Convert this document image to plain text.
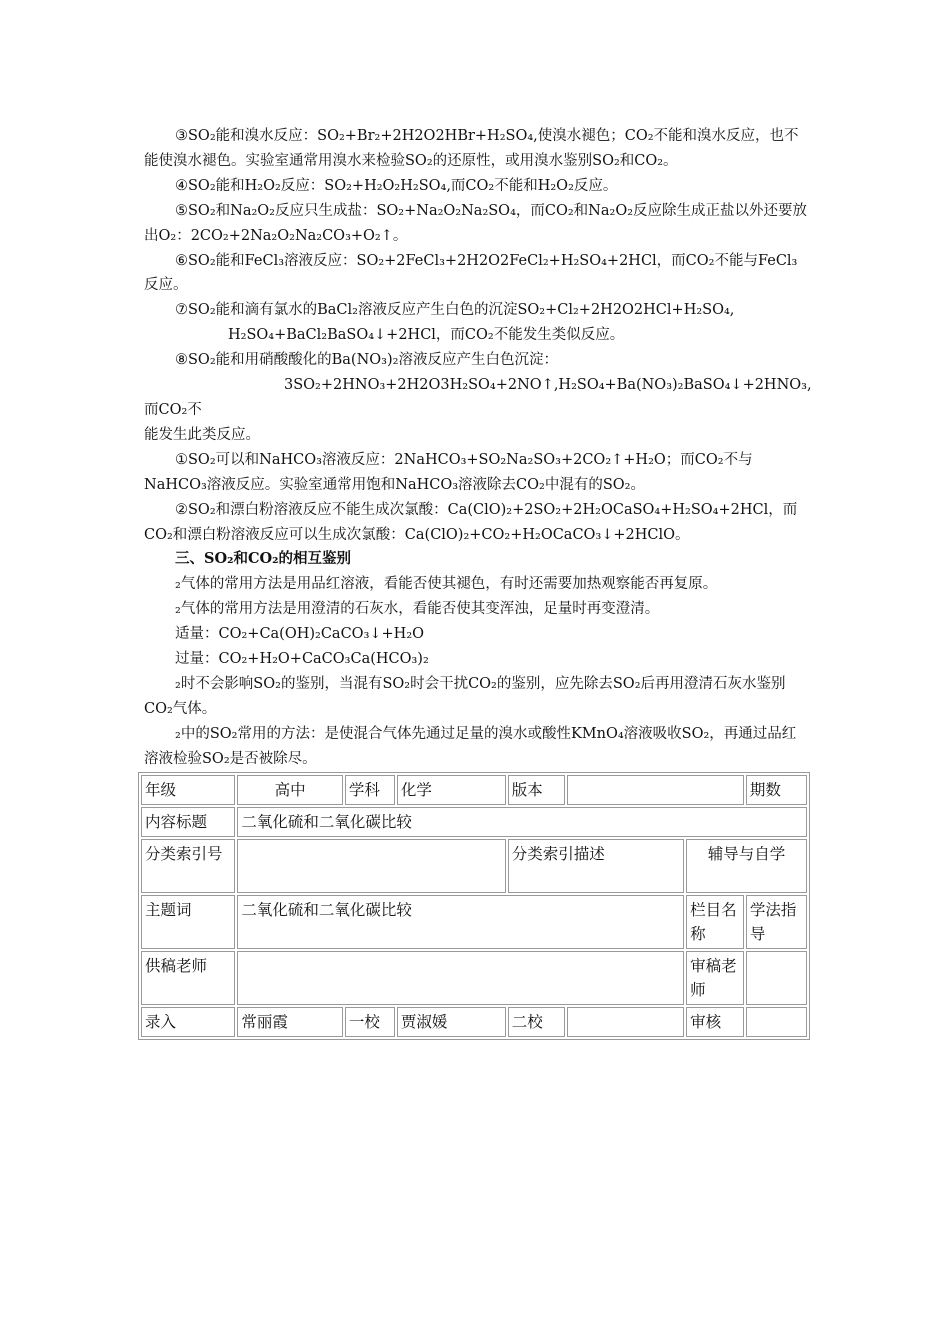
③SO₂能和溴水反应：SO₂+Br₂+2H2O2HBr+H₂SO₄,使溴水褪色；CO₂不能和溴水反应，也不能使溴水褪色。实验室通常用溴水来检验SO₂的还原性，或用溴水鉴别SO₂和CO₂。

④SO₂能和H₂O₂反应：SO₂+H₂O₂H₂SO₄,而CO₂不能和H₂O₂反应。

⑤SO₂和Na₂O₂反应只生成盐：SO₂+Na₂O₂Na₂SO₄，而CO₂和Na₂O₂反应除生成正盐以外还要放出O₂：2CO₂+2Na₂O₂Na₂CO₃+O₂↑。

⑥SO₂能和FeCl₃溶液反应：SO₂+2FeCl₃+2H2O2FeCl₂+H₂SO₄+2HCl，而CO₂不能与FeCl₃反应。

⑦SO₂能和滴有氯水的BaCl₂溶液反应产生白色的沉淀SO₂+Cl₂+2H2O2HCl+H₂SO₄,

H₂SO₄+BaCl₂BaSO₄↓+2HCl，而CO₂不能发生类似反应。

⑧SO₂能和用硝酸酸化的Ba(NO₃)₂溶液反应产生白色沉淀：

3SO₂+2HNO₃+2H2O3H₂SO₄+2NO↑,H₂SO₄+Ba(NO₃)₂BaSO₄↓+2HNO₃,而CO₂不

能发生此类反应。

①SO₂可以和NaHCO₃溶液反应：2NaHCO₃+SO₂Na₂SO₃+2CO₂↑+H₂O；而CO₂不与NaHCO₃溶液反应。实验室通常用饱和NaHCO₃溶液除去CO₂中混有的SO₂。

②SO₂和漂白粉溶液反应不能生成次氯酸：Ca(ClO)₂+2SO₂+2H₂OCaSO₄+H₂SO₄+2HCl，而CO₂和漂白粉溶液反应可以生成次氯酸：Ca(ClO)₂+CO₂+H₂OCaCO₃↓+2HClO。

三、SO₂和CO₂的相互鉴别

₂气体的常用方法是用品红溶液，看能否使其褪色，有时还需要加热观察能否再复原。

₂气体的常用方法是用澄清的石灰水，看能否使其变浑浊，足量时再变澄清。

适量：CO₂+Ca(OH)₂CaCO₃↓+H₂O

过量：CO₂+H₂O+CaCO₃Ca(HCO₃)₂

₂时不会影响SO₂的鉴别，当混有SO₂时会干扰CO₂的鉴别，应先除去SO₂后再用澄清石灰水鉴别CO₂气体。

₂中的SO₂常用的方法：是使混合气体先通过足量的溴水或酸性KMnO₄溶液吸收SO₂，再通过品红溶液检验SO₂是否被除尽。

年级	高中	学科	化学	版本			期数
内容标题	二氧化硫和二氧化碳比较						
分类索引号				分类索引描述		辅导与自学	
主题词	二氧化硫和二氧化碳比较					栏目名称	学法指导
供稿老师						审稿老师	
录入	常丽霞	一校	贾淑媛	二校		审核	
